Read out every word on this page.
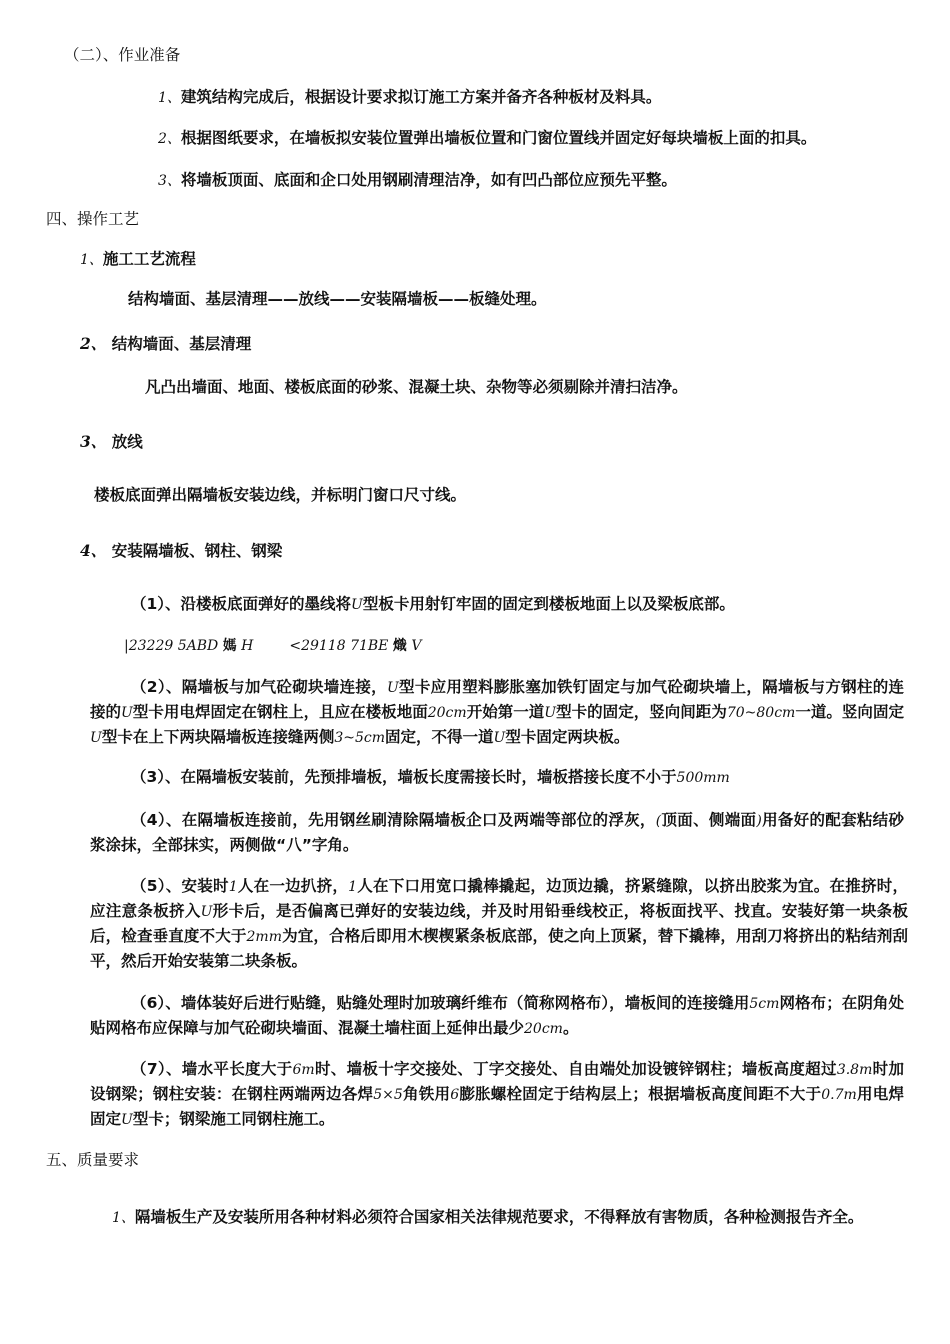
（二）、作业准备
1、建筑结构完成后，根据设计要求拟订施工方案并备齐各种板材及料具。
2、根据图纸要求，在墙板拟安装位置弹出墙板位置和门窗位置线并固定好每块墙板上面的扣具。
3、将墙板顶面、底面和企口处用钢刷清理洁净，如有凹凸部位应预先平整。
四、操作工艺
1、施工工艺流程
结构墙面、基层清理——放线——安装隔墙板——板缝处理。
2、 结构墙面、基层清理
凡凸出墙面、地面、楼板底面的砂浆、混凝土块、杂物等必须剔除并清扫洁净。
3、 放线
楼板底面弹出隔墙板安装边线，并标明门窗口尺寸线。
4、 安装隔墙板、钢柱、钢梁
（1）、沿楼板底面弹好的墨线将U型板卡用射钉牢固的固定到楼板地面上以及梁板底部。
|23229 5ABD 媽 H	<29118 71BE 熾 V
（2）、隔墙板与加气砼砌块墙连接，U型卡应用塑料膨胀塞加铁钉固定与加气砼砌块墙上，隔墙板与方钢柱的连接的U型卡用电焊固定在钢柱上，且应在楼板地面20cm开始第一道U型卡的固定，竖向间距为70~80cm一道。竖向固定U型卡在上下两块隔墙板连接缝两侧3~5cm固定，不得一道U型卡固定两块板。
（3）、在隔墙板安装前，先预排墙板，墙板长度需接长时，墙板搭接长度不小于500mm
（4）、在隔墙板连接前，先用钢丝刷清除隔墙板企口及两端等部位的浮灰，(顶面、侧端面)用备好的配套粘结砂浆涂抹，全部抹实，两侧做“八”字角。
（5）、安装时1人在一边扒挤，1人在下口用宽口撬棒撬起，边顶边撬，挤紧缝隙，以挤出胶浆为宜。在推挤时，应注意条板挤入U形卡后，是否偏离已弹好的安装边线，并及时用铅垂线校正，将板面找平、找直。安装好第一块条板后，检查垂直度不大于2mm为宜，合格后即用木楔楔紧条板底部，使之向上顶紧，替下撬棒，用刮刀将挤出的粘结剂刮平，然后开始安装第二块条板。
（6）、墙体装好后进行贴缝，贴缝处理时加玻璃纤维布（简称网格布），墙板间的连接缝用5cm网格布；在阴角处贴网格布应保障与加气砼砌块墙面、混凝土墙柱面上延伸出最少20cm。
（7）、墙水平长度大于6m时、墙板十字交接处、丁字交接处、自由端处加设镀锌钢柱；墙板高度超过3.8m时加设钢梁；钢柱安装：在钢柱两端两边各焊5×5角铁用6膨胀螺栓固定于结构层上；根据墙板高度间距不大于0.7m用电焊固定U型卡；钢梁施工同钢柱施工。
五、质量要求
1、隔墙板生产及安装所用各种材料必须符合国家相关法律规范要求，不得释放有害物质，各种检测报告齐全。
